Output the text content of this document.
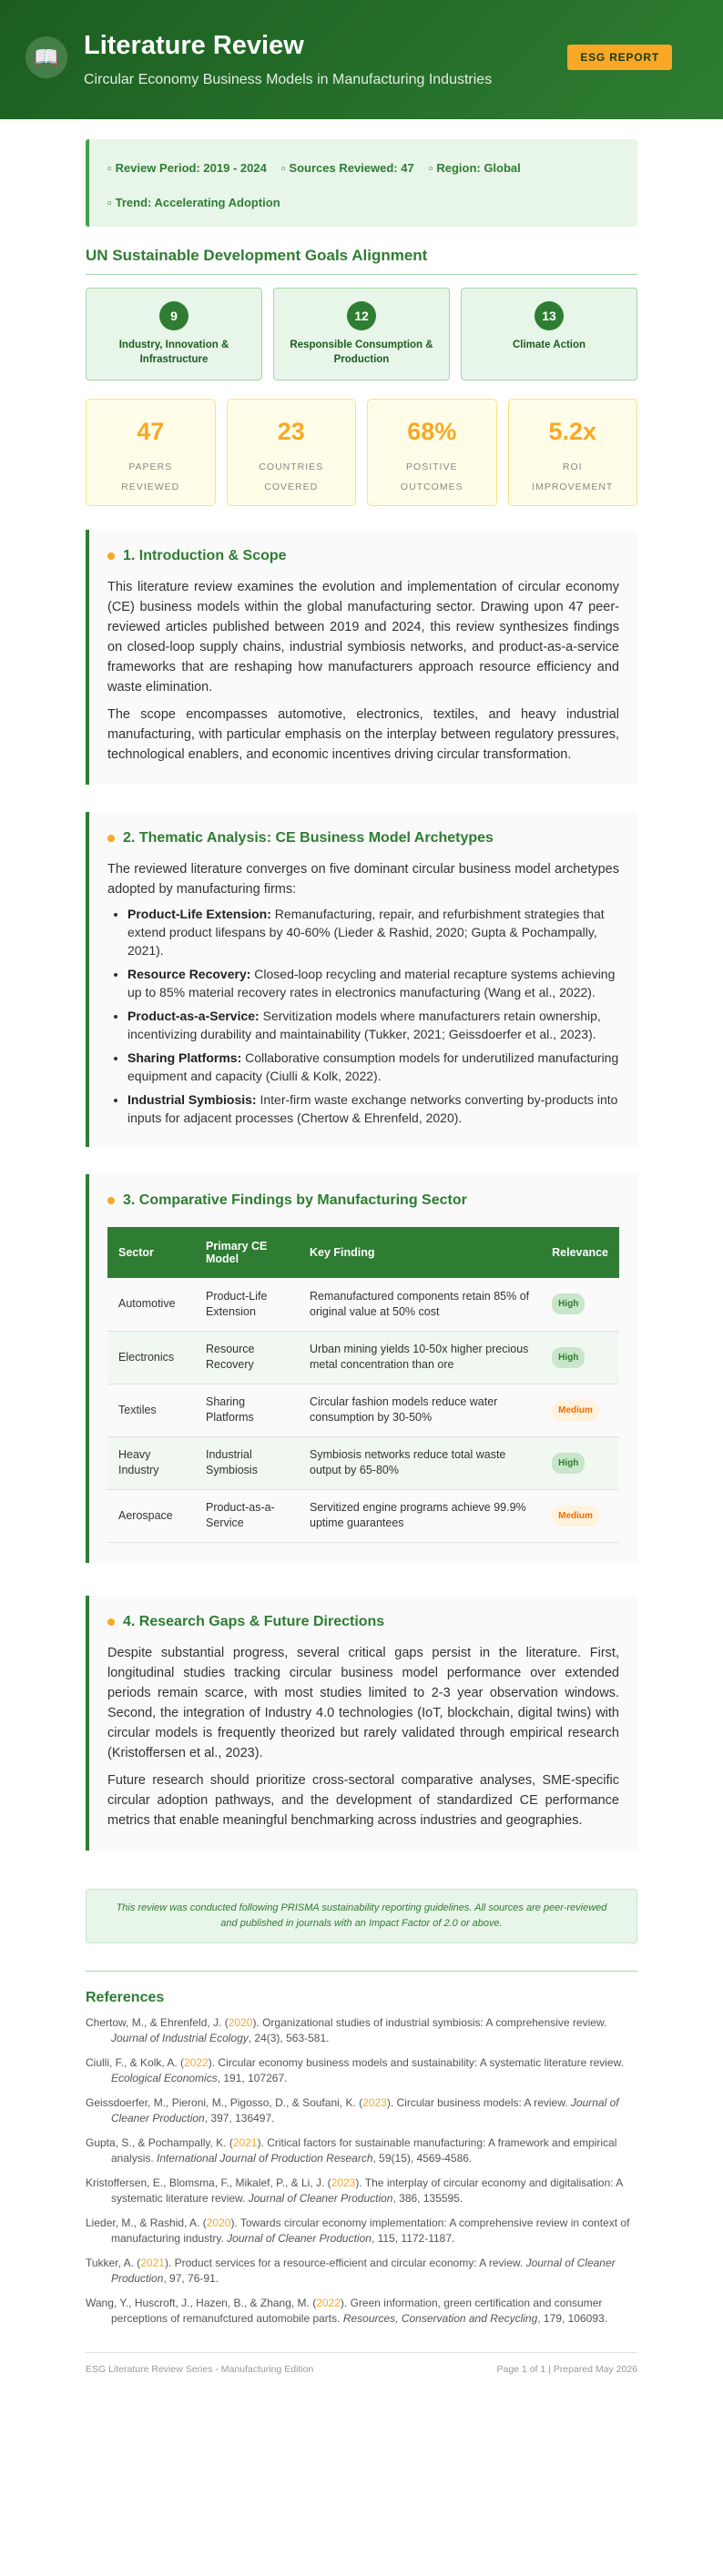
📖 Literature Review
Circular Economy Business Models in Manufacturing Industries
ESG REPORT
▫ Review Period: 2019 - 2024 ▫ Sources Reviewed: 47 ▫ Region: Global
▫ Trend: Accelerating Adoption
UN Sustainable Development Goals Alignment
9
Industry, Innovation & Infrastructure
12
Responsible Consumption & Production
13
Climate Action
47
PAPERS REVIEWED
23
COUNTRIES COVERED
68%
POSITIVE OUTCOMES
5.2x
ROI IMPROVEMENT
1. Introduction & Scope

This literature review examines the evolution and implementation of circular economy (CE) business models within the global manufacturing sector. Drawing upon 47 peer-reviewed articles published between 2019 and 2024, this review synthesizes findings on closed-loop supply chains, industrial symbiosis networks, and product-as-a-service frameworks that are reshaping how manufacturers approach resource efficiency and waste elimination.

The scope encompasses automotive, electronics, textiles, and heavy industrial manufacturing, with particular emphasis on the interplay between regulatory pressures, technological enablers, and economic incentives driving circular transformation.

2. Thematic Analysis: CE Business Model Archetypes

The reviewed literature converges on five dominant circular business model archetypes adopted by manufacturing firms:

• Product-Life Extension: Remanufacturing, repair, and refurbishment strategies that extend product lifespans by 40-60% (Lieder & Rashid, 2020; Gupta & Pochampally, 2021).
• Resource Recovery: Closed-loop recycling and material recapture systems achieving up to 85% material recovery rates in electronics manufacturing (Wang et al., 2022).
• Product-as-a-Service: Servitization models where manufacturers retain ownership, incentivizing durability and maintainability (Tukker, 2021; Geissdoerfer et al., 2023).
• Sharing Platforms: Collaborative consumption models for underutilized manufacturing equipment and capacity (Ciulli & Kolk, 2022).
• Industrial Symbiosis: Inter-firm waste exchange networks converting by-products into inputs for adjacent processes (Chertow & Ehrenfeld, 2020).
3. Comparative Findings by Manufacturing Sector
Sector	Primary CE Model	Key Finding	Relevance
Automotive	Product-Life Extension	Remanufactured components retain 85% of original value at 50% cost	High
Electronics	Resource Recovery	Urban mining yields 10-50x higher precious metal concentration than ore	High
Textiles	Sharing Platforms	Circular fashion models reduce water consumption by 30-50%	Medium
Heavy Industry	Industrial Symbiosis	Symbiosis networks reduce total waste output by 65-80%	High
Aerospace	Product-as-a-Service	Servitized engine programs achieve 99.9% uptime guarantees	Medium
4. Research Gaps & Future Directions

Despite substantial progress, several critical gaps persist in the literature. First, longitudinal studies tracking circular business model performance over extended periods remain scarce, with most studies limited to 2-3 year observation windows. Second, the integration of Industry 4.0 technologies (IoT, blockchain, digital twins) with circular models is frequently theorized but rarely validated through empirical research (Kristoffersen et al., 2023).

Future research should prioritize cross-sectoral comparative analyses, SME-specific circular adoption pathways, and the development of standardized CE performance metrics that enable meaningful benchmarking across industries and geographies.

This review was conducted following PRISMA sustainability reporting guidelines. All sources are peer-reviewed and published in journals with an Impact Factor of 2.0 or above.
References
Chertow, M., & Ehrenfeld, J. (2020). Organizational studies of industrial symbiosis: A comprehensive review. Journal of Industrial Ecology, 24(3), 563-581.
Ciulli, F., & Kolk, A. (2022). Circular economy business models and sustainability: A systematic literature review. Ecological Economics, 191, 107267.
Geissdoerfer, M., Pieroni, M., Pigosso, D., & Soufani, K. (2023). Circular business models: A review. Journal of Cleaner Production, 397, 136497.
Gupta, S., & Pochampally, K. (2021). Critical factors for sustainable manufacturing: A framework and empirical analysis. International Journal of Production Research, 59(15), 4569-4586.
Kristoffersen, E., Blomsma, F., Mikalef, P., & Li, J. (2023). The interplay of circular economy and digitalisation: A systematic literature review. Journal of Cleaner Production, 386, 135595.
Lieder, M., & Rashid, A. (2020). Towards circular economy implementation: A comprehensive review in context of manufacturing industry. Journal of Cleaner Production, 115, 1172-1187.
Tukker, A. (2021). Product services for a resource-efficient and circular economy: A review. Journal of Cleaner Production, 97, 76-91.
Wang, Y., Huscroft, J., Hazen, B., & Zhang, M. (2022). Green information, green certification and consumer perceptions of remanufctured automobile parts. Resources, Conservation and Recycling, 179, 106093.
ESG Literature Review Series - Manufacturing Edition	Page 1 of 1 | Prepared May 2026
